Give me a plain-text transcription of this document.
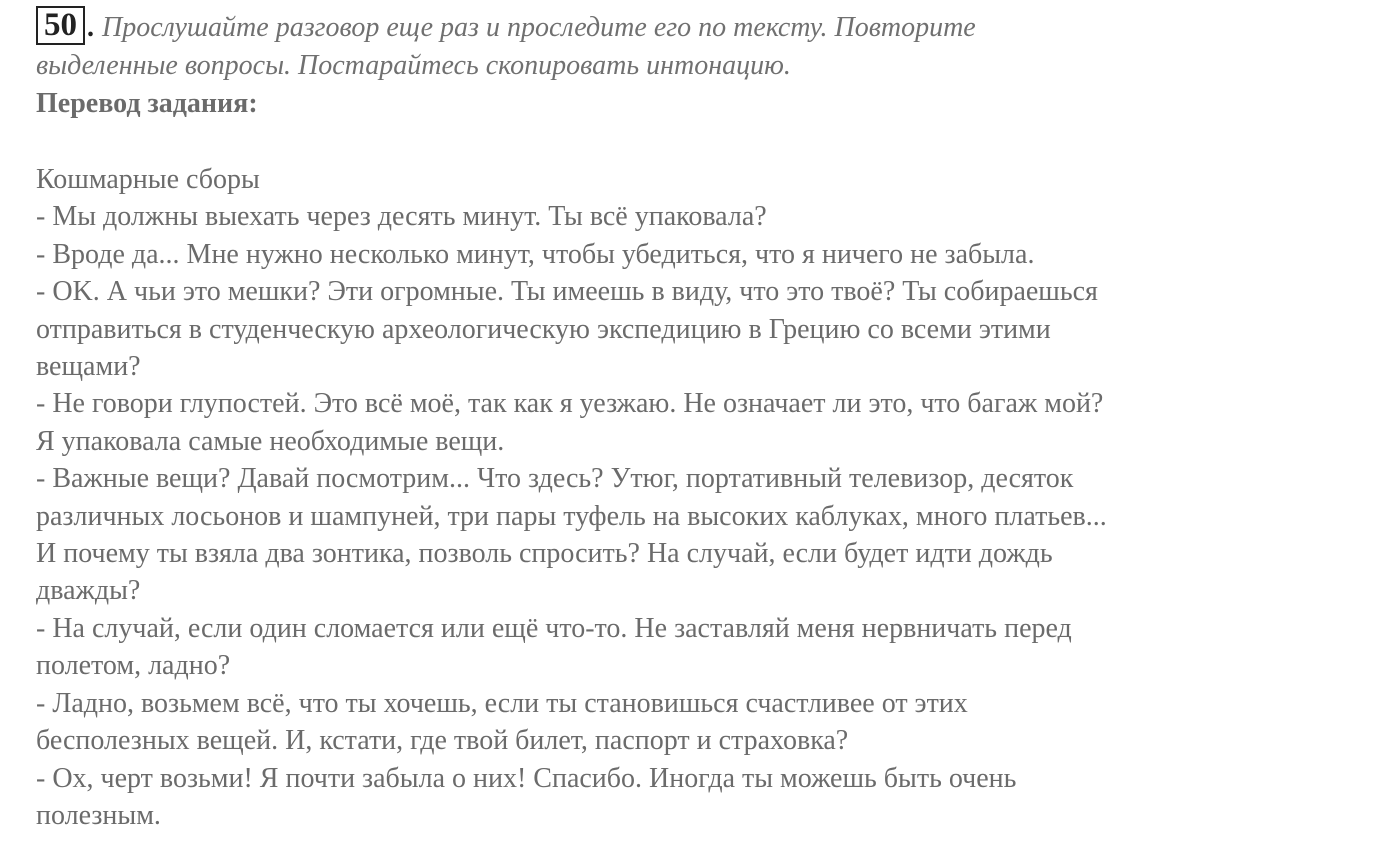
50 . Прослушайте разговор еще раз и проследите его по тексту. Повторите
выделенные вопросы. Постарайтесь скопировать интонацию.

Перевод задания:

Кошмарные сборы

- Мы должны выехать через десять минут. Ты всё упаковала?

- Вроде да... Мне нужно несколько минут, чтобы убедиться, что я ничего не забыла.

- OK. А чьи это мешки? Эти огромные. Ты имеешь в виду, что это твоё? Ты собираешься

отправиться в студенческую археологическую экспедицию в Грецию со всеми этими

вещами?

- Не говори глупостей. Это всё моё, так как я уезжаю. Не означает ли это, что багаж мой?

Я упаковала самые необходимые вещи.

- Важные вещи? Давай посмотрим... Что здесь? Утюг, портативный телевизор, десяток

различных лосьонов и шампуней, три пары туфель на высоких каблуках, много платьев...

И почему ты взяла два зонтика, позволь спросить? На случай, если будет идти дождь

дважды?

- На случай, если один сломается или ещё что-то. Не заставляй меня нервничать перед

полетом, ладно?

- Ладно, возьмем всё, что ты хочешь, если ты становишься счастливее от этих

бесполезных вещей. И, кстати, где твой билет, паспорт и страховка?

- Ох, черт возьми! Я почти забыла о них! Спасибо. Иногда ты можешь быть очень

полезным.
